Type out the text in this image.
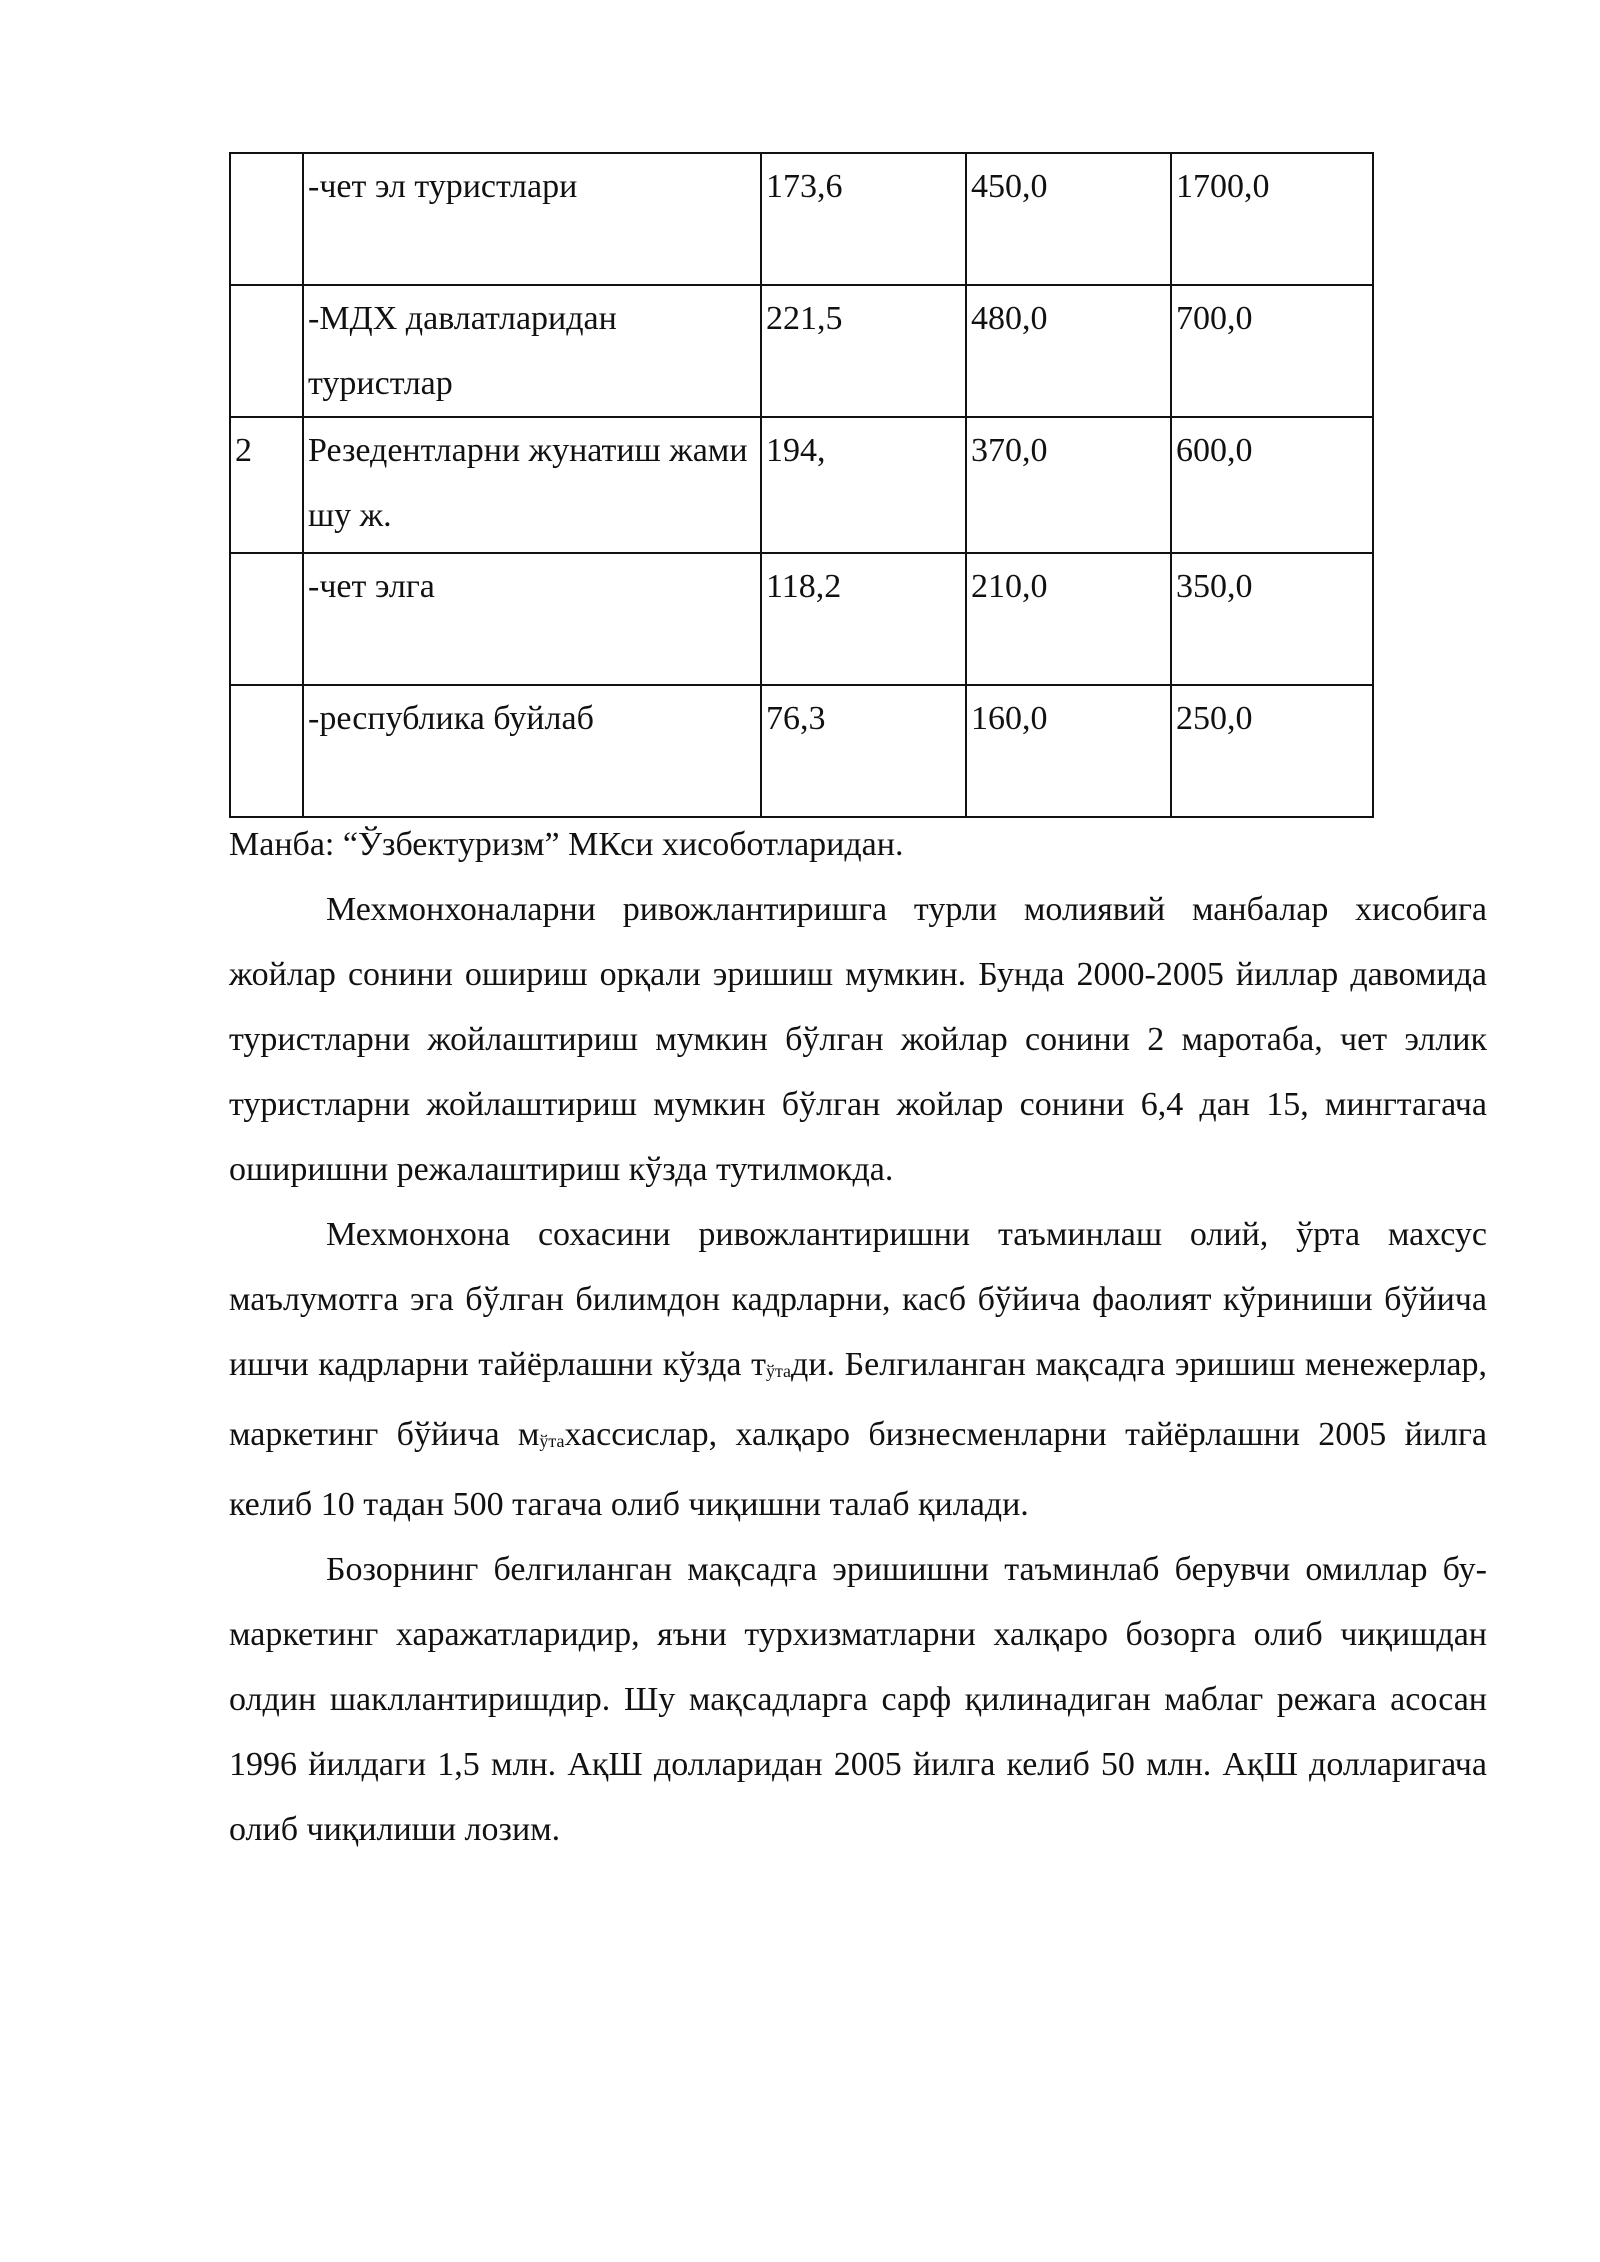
	-чет эл туристлари	173,6	450,0	1700,0
	-МДХ давлатларидан туристлар	221,5	480,0	700,0
2	Резедентларни жунатиш жами шу ж.	194,	370,0	600,0
	-чет элга	118,2	210,0	350,0
	-республика буйлаб	76,3	160,0	250,0
Манба: “Ўзбектуризм” МКси хисоботларидан.

Мехмонхоналарни ривожлантиришга турли молиявий манбалар хисобига жойлар сонини ошириш орқали эришиш мумкин. Бунда 2000-2005 йиллар давомида туристларни жойлаштириш мумкин бўлган жойлар сонини 2 маротаба, чет эллик туристларни жойлаштириш мумкин бўлган жойлар сонини 6,4 дан 15, мингтагача оширишни режалаштириш кўзда тутилмокда.

Мехмонхона сохасини ривожлантиришни таъминлаш олий, ўрта махсус маълумотга эга бўлган билимдон кадрларни, касб бўйича фаолият кўриниши бўйича ишчи кадрларни тайёрлашни кўзда $т_{ўта}ди$. Белгиланган мақсадга эришиш менежерлар, маркетинг бўйича $м_{ўта}хассислар$, халқаро бизнесменларни тайёрлашни 2005 йилга келиб 10 тадан 500 тагача олиб чиқишни талаб қилади.

Бозорнинг белгиланган мақсадга эришишни таъминлаб берувчи омиллар бу-маркетинг харажатларидир, яъни турхизматларни халқаро бозорга олиб чиқишдан олдин шакллантиришдир. Шу мақсадларга сарф қилинадиган маблаг режага асосан 1996 йилдаги 1,5 млн. АқШ долларидан 2005 йилга келиб 50 млн. АқШ долларигача олиб чиқилиши лозим.
